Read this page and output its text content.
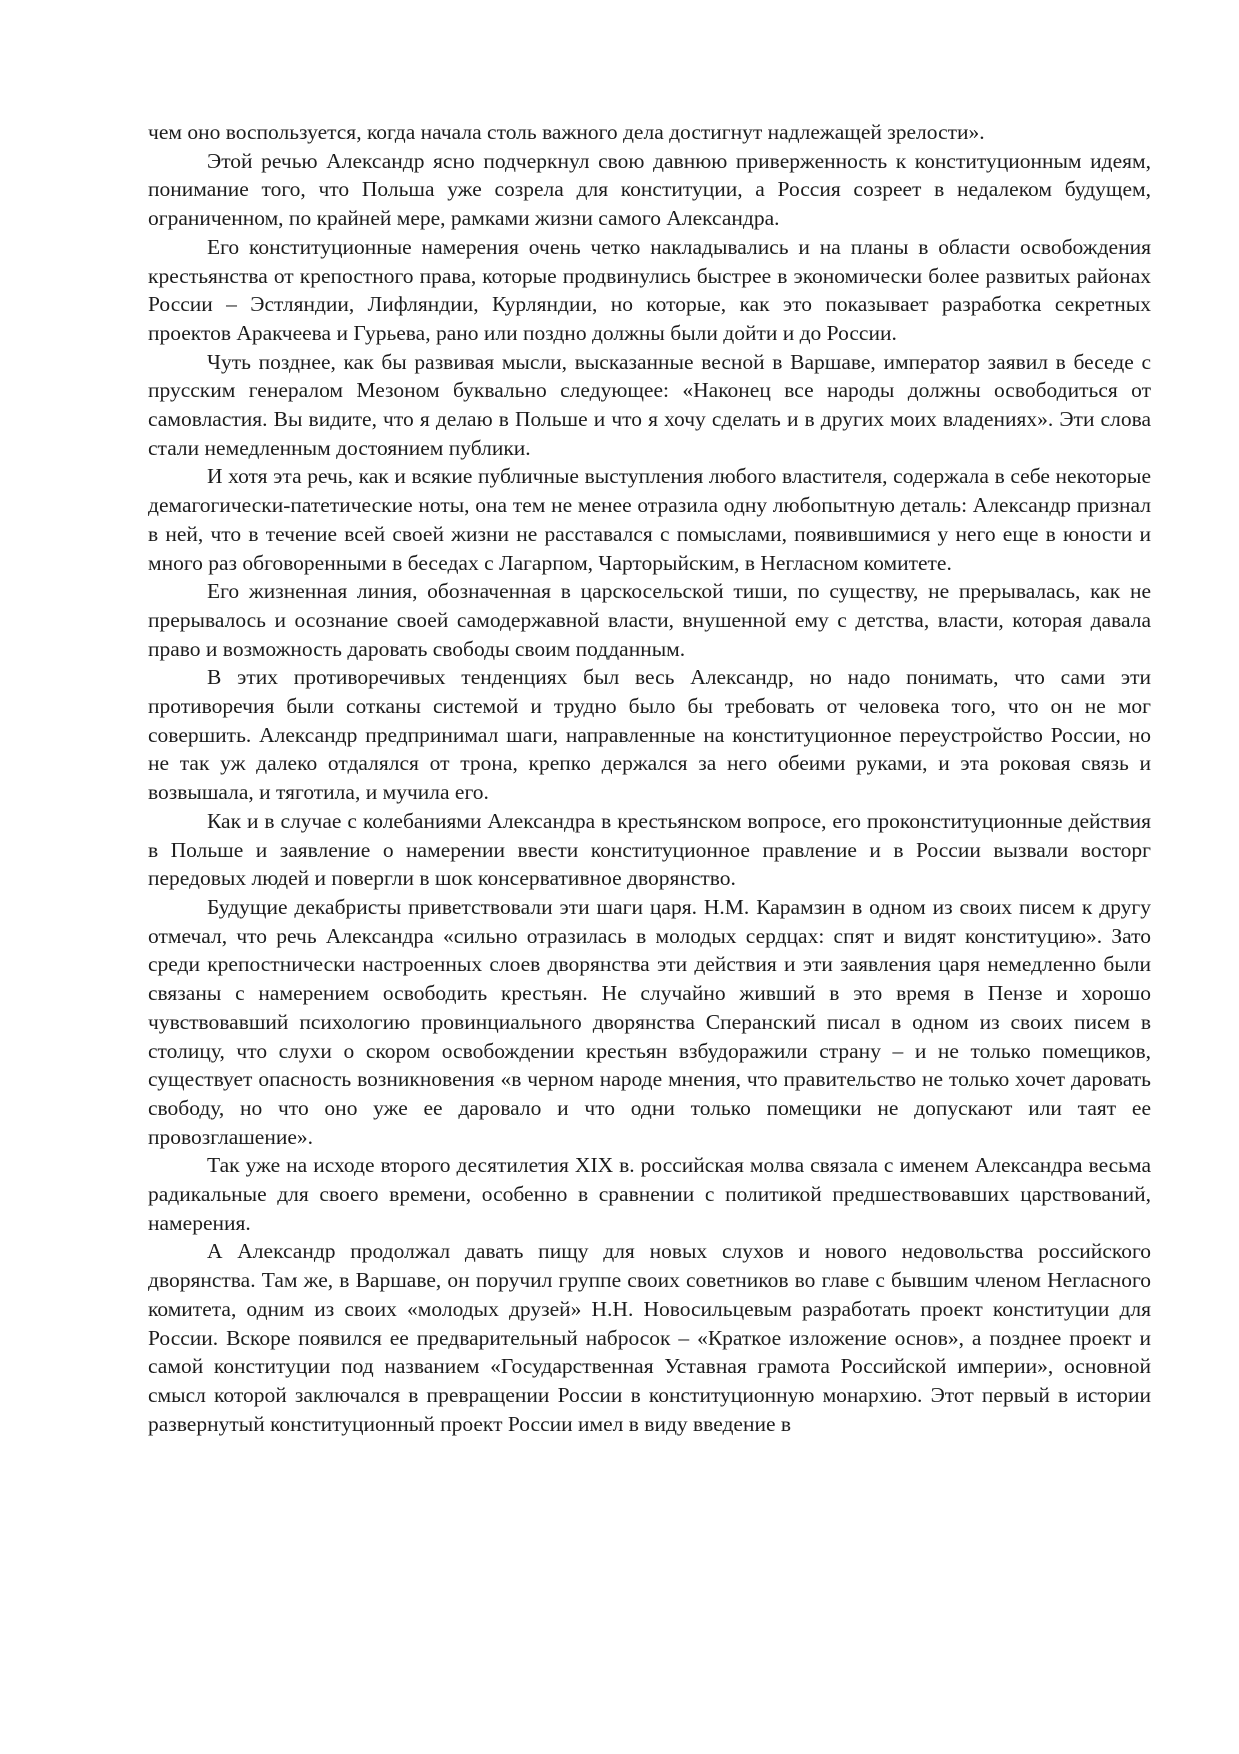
чем оно воспользуется, когда начала столь важного дела достигнут надлежащей зрелости».

Этой речью Александр ясно подчеркнул свою давнюю приверженность к конституционным идеям, понимание того, что Польша уже созрела для конституции, а Россия созреет в недалеком будущем, ограниченном, по крайней мере, рамками жизни самого Александра.

Его конституционные намерения очень четко накладывались и на планы в области освобождения крестьянства от крепостного права, которые продвинулись быстрее в экономически более развитых районах России – Эстляндии, Лифляндии, Курляндии, но которые, как это показывает разработка секретных проектов Аракчеева и Гурьева, рано или поздно должны были дойти и до России.

Чуть позднее, как бы развивая мысли, высказанные весной в Варшаве, император заявил в беседе с прусским генералом Мезоном буквально следующее: «Наконец все народы должны освободиться от самовластия. Вы видите, что я делаю в Польше и что я хочу сделать и в других моих владениях». Эти слова стали немедленным достоянием публики.

И хотя эта речь, как и всякие публичные выступления любого властителя, содержала в себе некоторые демагогически-патетические ноты, она тем не менее отразила одну любопытную деталь: Александр признал в ней, что в течение всей своей жизни не расставался с помыслами, появившимися у него еще в юности и много раз обговоренными в беседах с Лагарпом, Чарторыйским, в Негласном комитете.

Его жизненная линия, обозначенная в царскосельской тиши, по существу, не прерывалась, как не прерывалось и осознание своей самодержавной власти, внушенной ему с детства, власти, которая давала право и возможность даровать свободы своим подданным.

В этих противоречивых тенденциях был весь Александр, но надо понимать, что сами эти противоречия были сотканы системой и трудно было бы требовать от человека того, что он не мог совершить. Александр предпринимал шаги, направленные на конституционное переустройство России, но не так уж далеко отдалялся от трона, крепко держался за него обеими руками, и эта роковая связь и возвышала, и тяготила, и мучила его.

Как и в случае с колебаниями Александра в крестьянском вопросе, его проконституционные действия в Польше и заявление о намерении ввести конституционное правление и в России вызвали восторг передовых людей и повергли в шок консервативное дворянство.

Будущие декабристы приветствовали эти шаги царя. Н.М. Карамзин в одном из своих писем к другу отмечал, что речь Александра «сильно отразилась в молодых сердцах: спят и видят конституцию». Зато среди крепостнически настроенных слоев дворянства эти действия и эти заявления царя немедленно были связаны с намерением освободить крестьян. Не случайно живший в это время в Пензе и хорошо чувствовавший психологию провинциального дворянства Сперанский писал в одном из своих писем в столицу, что слухи о скором освобождении крестьян взбудоражили страну – и не только помещиков, существует опасность возникновения «в черном народе мнения, что правительство не только хочет даровать свободу, но что оно уже ее даровало и что одни только помещики не допускают или таят ее провозглашение».

Так уже на исходе второго десятилетия XIX в. российская молва связала с именем Александра весьма радикальные для своего времени, особенно в сравнении с политикой предшествовавших царствований, намерения.

А Александр продолжал давать пищу для новых слухов и нового недовольства российского дворянства. Там же, в Варшаве, он поручил группе своих советников во главе с бывшим членом Негласного комитета, одним из своих «молодых друзей» Н.Н. Новосильцевым разработать проект конституции для России. Вскоре появился ее предварительный набросок – «Краткое изложение основ», а позднее проект и самой конституции под названием «Государственная Уставная грамота Российской империи», основной смысл которой заключался в превращении России в конституционную монархию. Этот первый в истории развернутый конституционный проект России имел в виду введение в
